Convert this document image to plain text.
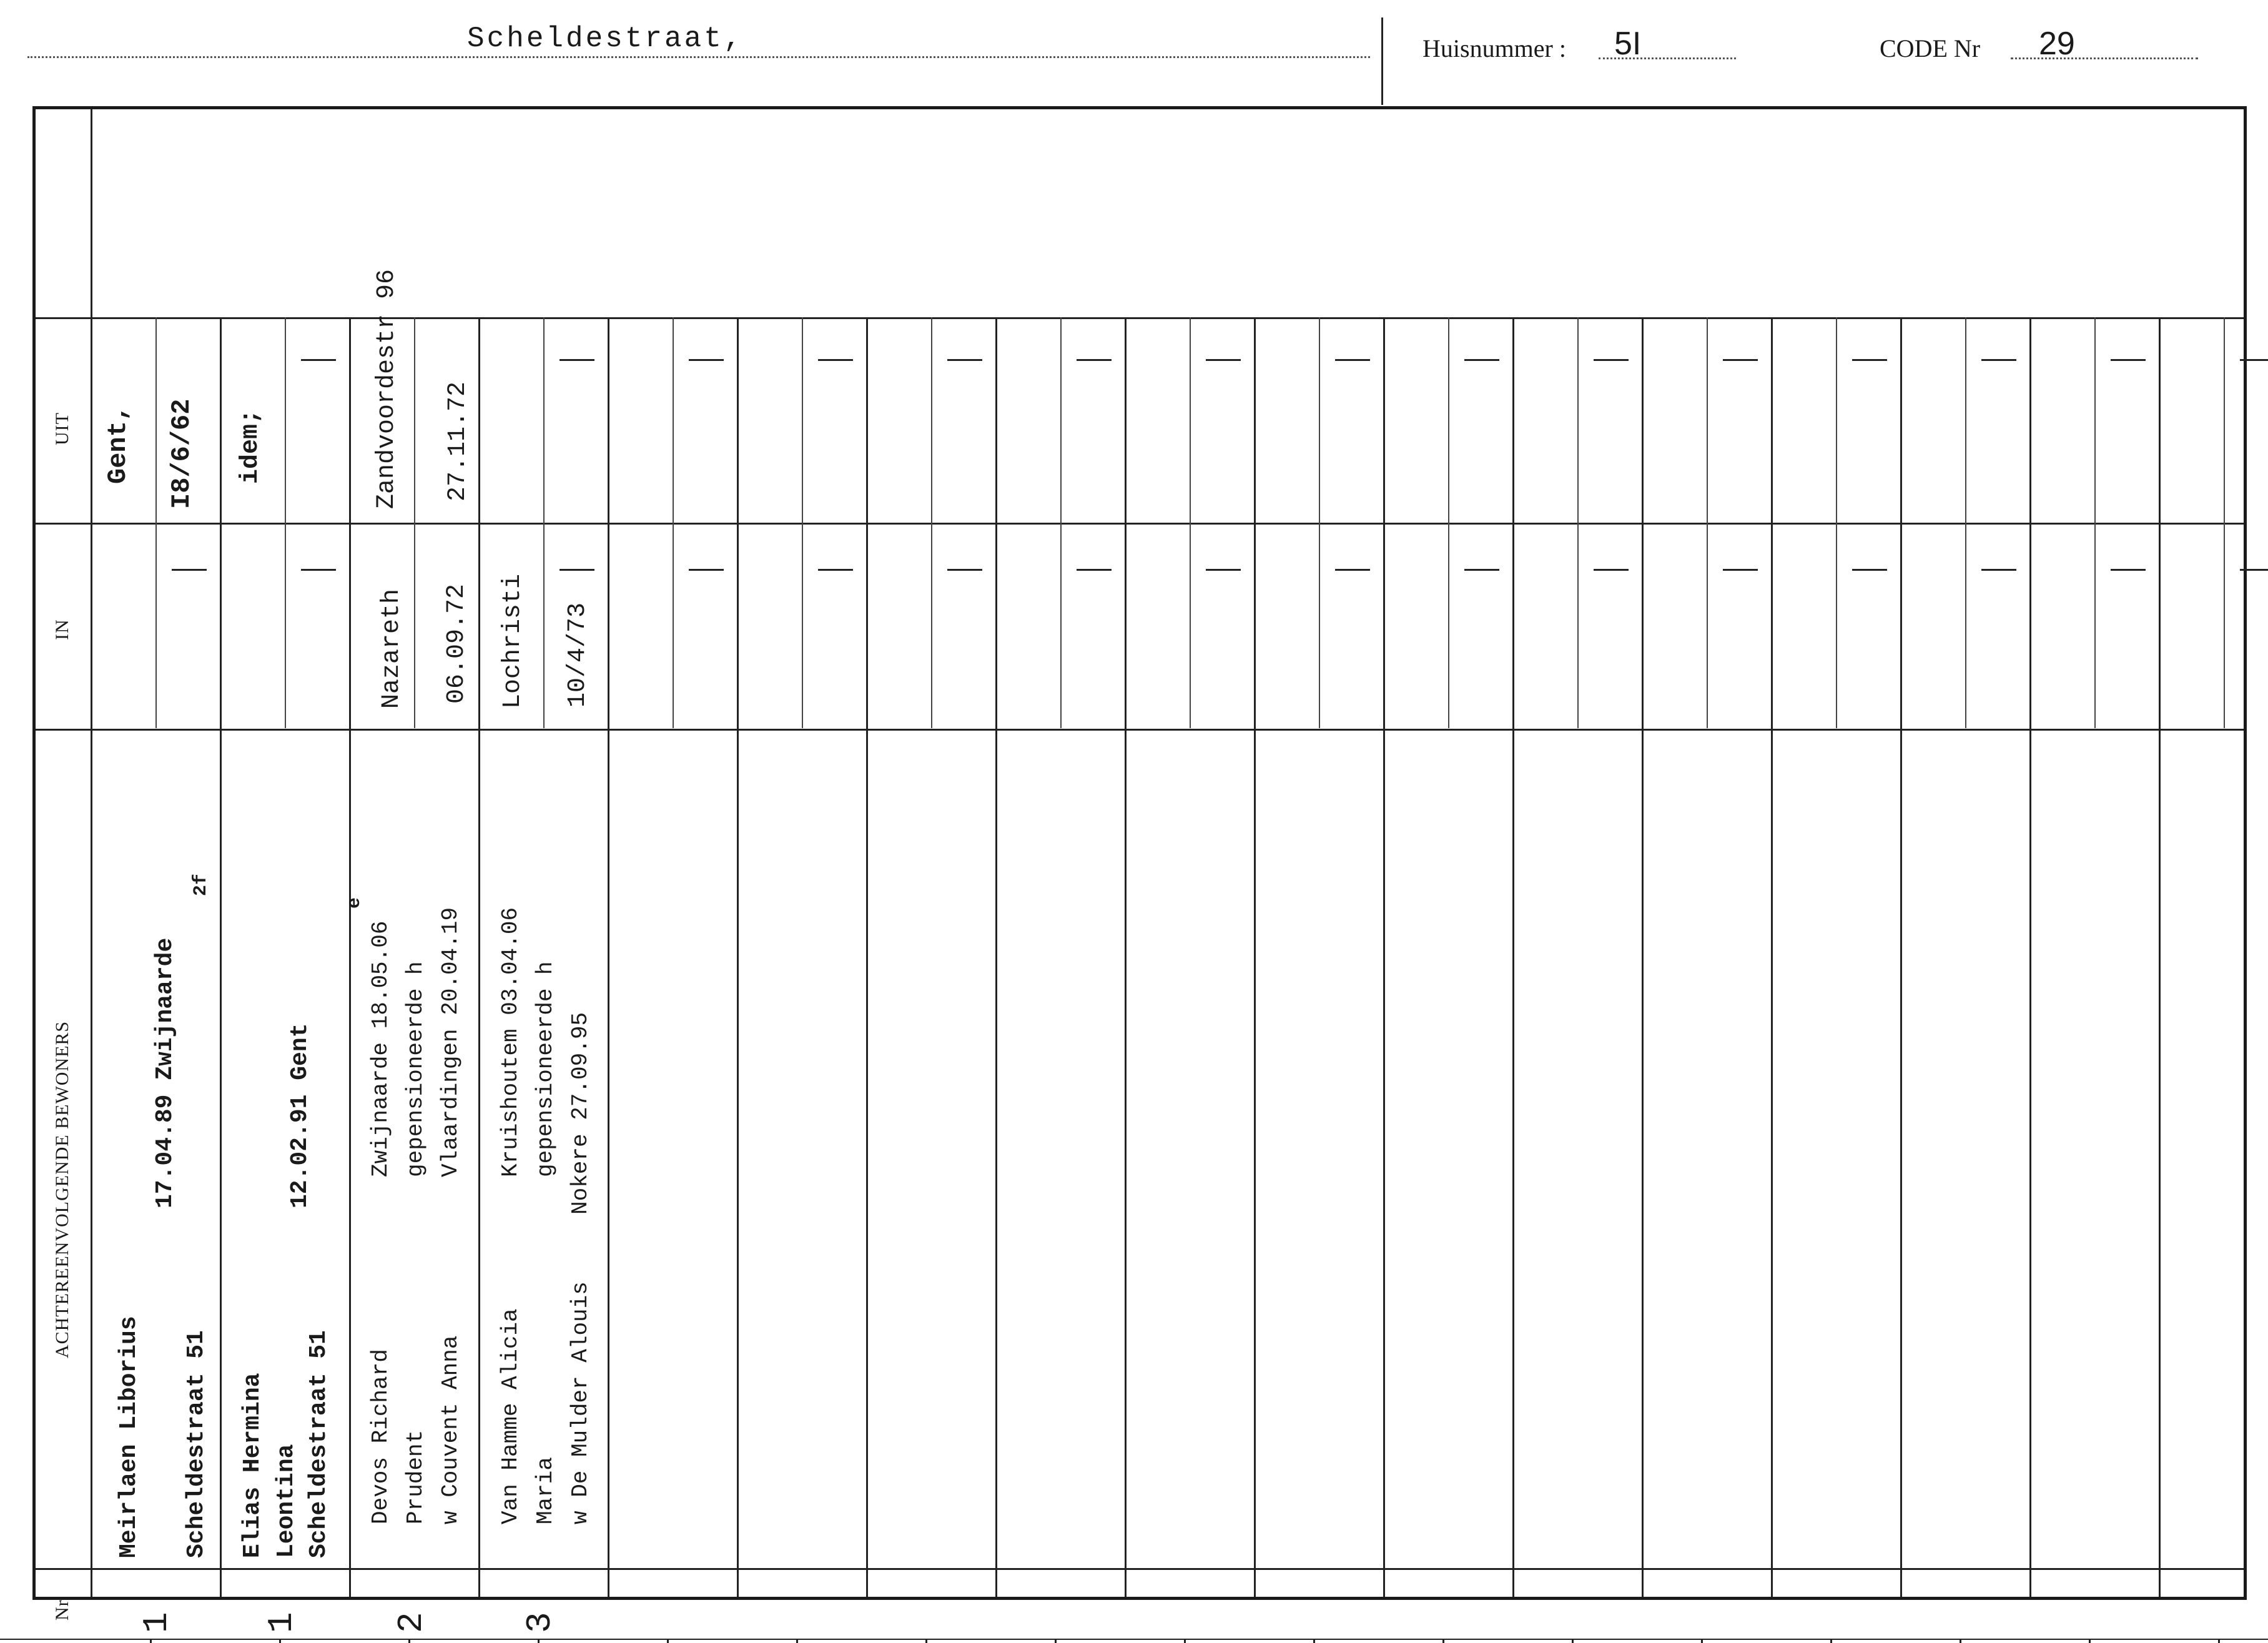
Scheldestraat,	Huisnummer : 5I	CODE Nr 29
UIT
IN
ACHTEREENVOLGENDE BEWONERS
Nr
Gent, I8/6/62
Meirlaen Liborius
17.04.89 Zwijnaarde
Scheldestraat 51
2f
1
idem;
Elias Hermina
12.02.91 Gent
Leontina Scheldestraat 51
e
1
Zandvoordestr 96 27.11.72
Nazareth 06.09.72
Devos Richard
Zwijnaarde 18.05.06
Prudent
gepensioneerde h
w Couvent Anna
Vlaardingen 20.04.19
2
Lochristi 10/4/73
Van Hamme Alicia
Kruishoutem 03.04.06
Maria
gepensioneerde h
w De Mulder Alouis
Nokere 27.09.95
3
